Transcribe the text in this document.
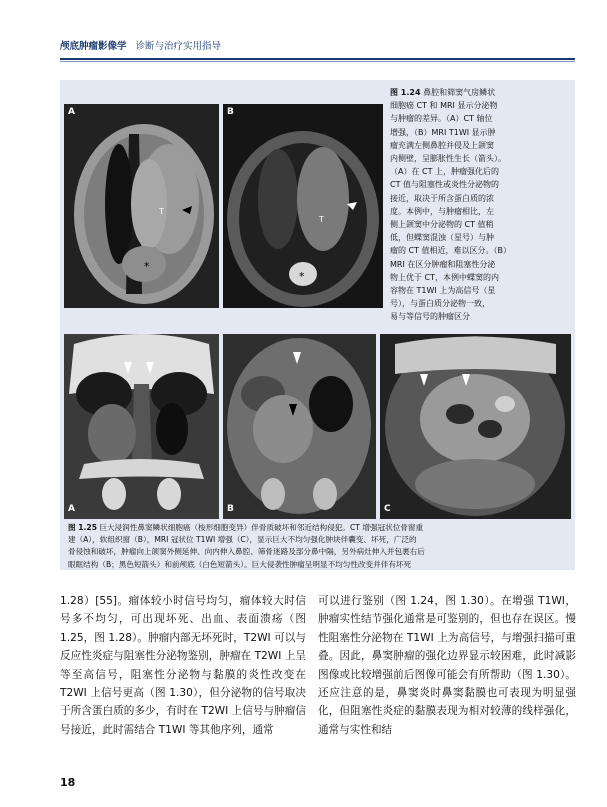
颅底肿瘤影像学 诊断与治疗实用指导
T
*
A
T
*
B
图 1.24 鼻腔和筛窦气房鳞状
细胞癌 CT 和 MRI 显示分泌物
与肿瘤的差异。（A）CT 轴位
增强，（B）MRI T1WI 显示肿
瘤充满左侧鼻腔并侵及上颌窦
内侧壁，呈膨胀性生长（箭头）。
（A）在 CT 上，肿瘤强化后的
CT 值与阻塞性或炎性分泌物的
接近，取决于所含蛋白质的浓
度。本例中，与肿瘤相比，左
侧上颌窦中分泌物的 CT 值稍
低，但蝶窦混浊（星号）与肿
瘤的 CT 值相近，难以区分。（B）
MRI 在区分肿瘤和阻塞性分泌
物上优于 CT，本例中蝶窦的内
容物在 T1WI 上为高信号（星
号），与蛋白质分泌物一致，
易与等信号的肿瘤区分
A	B	C
图 1.25 巨大浸润性鼻窦鳞状细胞癌（梭形细胞变异）伴骨质破坏和邻近结构侵犯。CT 增强冠状位骨窗重
建（A），软组织窗（B），MRI 冠状位 T1WI 增强（C），显示巨大不均匀强化肿块伴囊变、坏死，广泛的
骨侵蚀和破坏，肿瘤向上颌窦外侧延伸、向内伸入鼻腔、筛骨迷路及部分鼻中隔，另外病灶伸入并包裹右后
眼眶结构（B；黑色短箭头）和前颅底（白色短箭头）。巨大侵袭性肿瘤呈明显不均匀性改变并伴有坏死
1.28）[55]。瘤体较小时信号均匀，瘤体较大时信号多不均匀，可出现坏死、出血、表面溃疡（图 1.25，图 1.28）。肿瘤内部无坏死时，T2WI 可以与反应性炎症与阻塞性分泌物鉴别，肿瘤在 T2WI 上呈等至高信号，阻塞性分泌物与黏膜的炎性改变在 T2WI 上信号更高（图 1.30），但分泌物的信号取决于所含蛋白质的多少，有时在 T2WI 上信号与肿瘤信号接近，此时需结合 T1WI 等其他序列，通常
可以进行鉴别（图 1.24，图 1.30）。在增强 T1WI，肿瘤实性结节强化通常是可鉴别的，但也存在误区。慢性阻塞性分泌物在 T1WI 上为高信号，与增强扫描可重叠。因此，鼻窦肿瘤的强化边界显示较困难，此时减影图像或比较增强前后图像可能会有所帮助（图 1.30）。还应注意的是，鼻窦炎时鼻窦黏膜也可表现为明显强化，但阻塞性炎症的黏膜表现为相对较薄的线样强化，通常与实性和结
18
